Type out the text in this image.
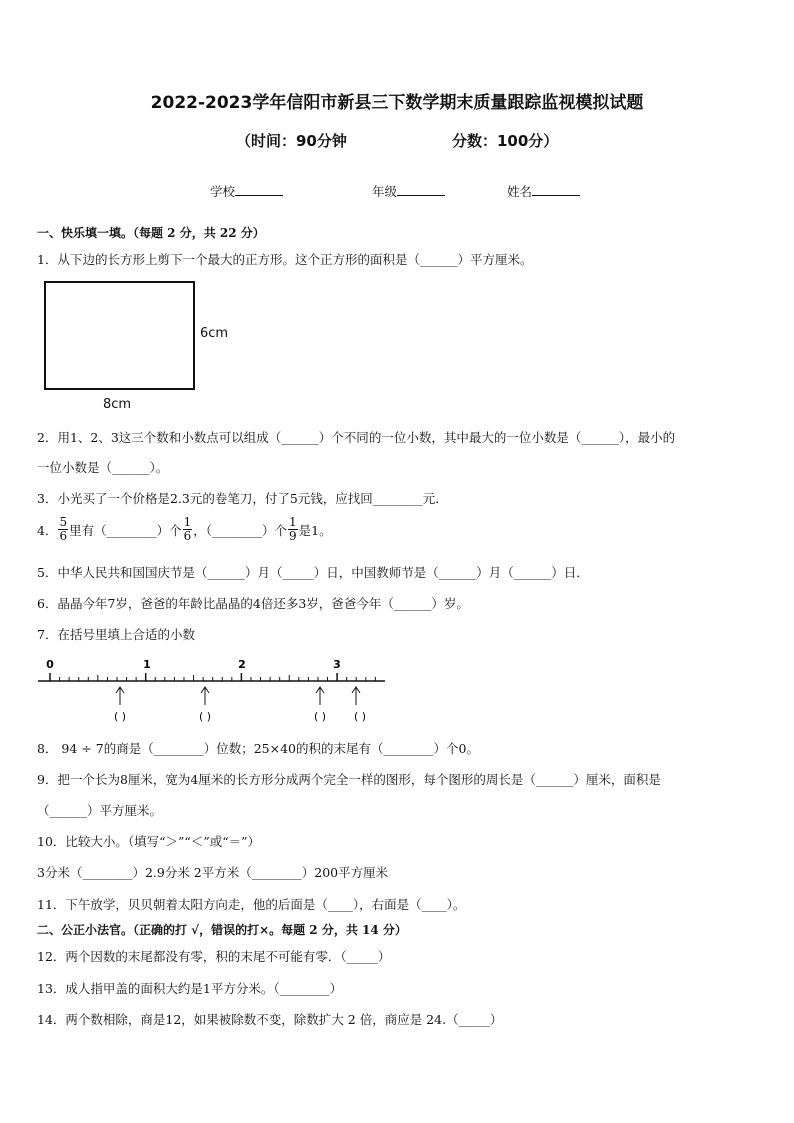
2022-2023学年信阳市新县三下数学期末质量跟踪监视模拟试题
（时间：90分钟	分数：100分）
学校	年级	姓名
一、快乐填一填。（每题 2 分，共 22 分）
1．从下边的长方形上剪下一个最大的正方形。这个正方形的面积是（______）平方厘米。
6cm
8cm
2．用1、2、3这三个数和小数点可以组成（______）个不同的一位小数，其中最大的一位小数是（______），最小的
一位小数是（______）。
3．小光买了一个价格是2.3元的卷笔刀，付了5元钱，应找回________元．
4． $\frac{5}{6}$ 里有（________）个 $\frac{1}{6}$ ，（________）个 $\frac{1}{9}$ 是1。
5．中华人民共和国国庆节是（______）月（_____）日，中国教师节是（______）月（______）日．
6．晶晶今年7岁，爸爸的年龄比晶晶的4倍还多3岁，爸爸今年（______）岁。
7．在括号里填上合适的小数
0	1	2	3
( )	( )	( )	( )
8． 94 ÷ 7的商是（________）位数；25×40的积的末尾有（________）个0。
9．把一个长为8厘米，宽为4厘米的长方形分成两个完全一样的图形，每个图形的周长是（______）厘米，面积是
（______）平方厘米。
10．比较大小。（填写“＞”“＜”或“＝”）
3分米（________）2.9分米 2平方米（________）200平方厘米
11．下午放学，贝贝朝着太阳方向走，他的后面是（____），右面是（____）。
二、公正小法官。（正确的打 √，错误的打×。每题 2 分，共 14 分）
12．两个因数的末尾都没有零，积的末尾不可能有零．（_____）
13．成人指甲盖的面积大约是1平方分米。（________）
14．两个数相除，商是12，如果被除数不变，除数扩大 2 倍，商应是 24.（_____）
